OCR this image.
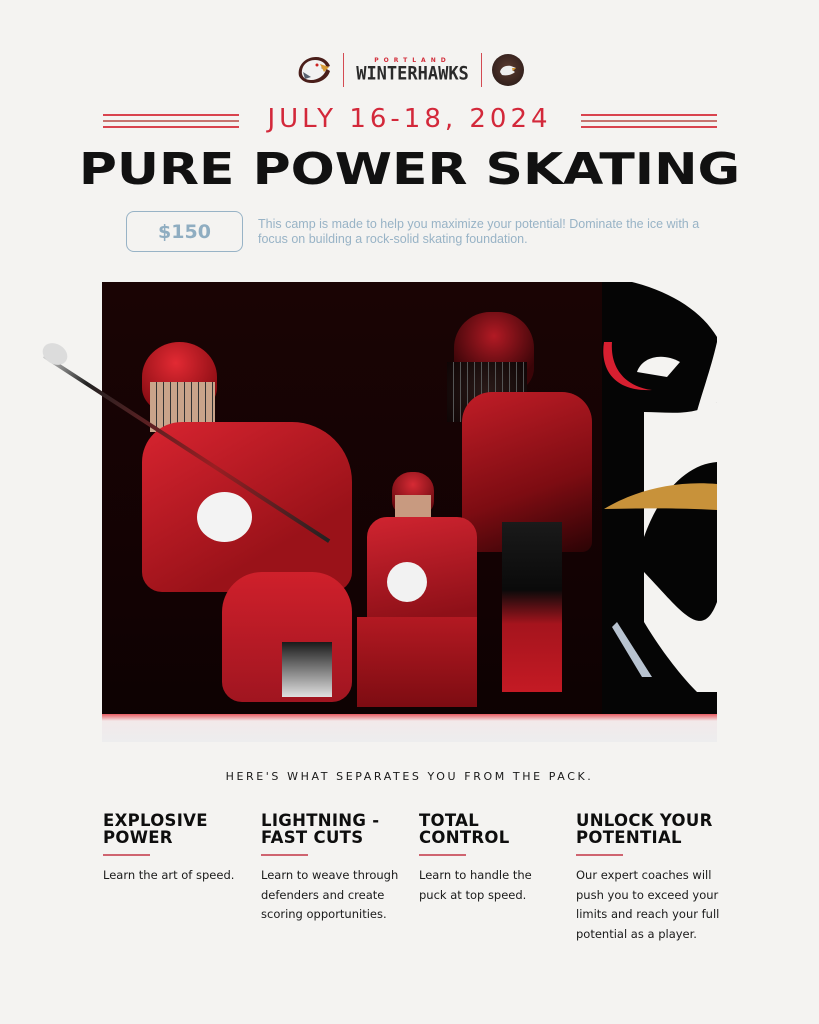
PORTLAND
WINTERHAWKS
JULY 16-18, 2024
PURE POWER SKATING
$150	This camp is made to help you maximize your potential! Dominate the ice with a focus on building a rock-solid skating foundation.
HERE'S WHAT SEPARATES YOU FROM THE PACK.
EXPLOSIVE
POWER

Learn the art of speed.

LIGHTNING -
FAST CUTS

Learn to weave through defenders and create scoring opportunities.

TOTAL
CONTROL

Learn to handle the puck at top speed.

UNLOCK YOUR
POTENTIAL

Our expert coaches will push you to exceed your limits and reach your full potential as a player.
